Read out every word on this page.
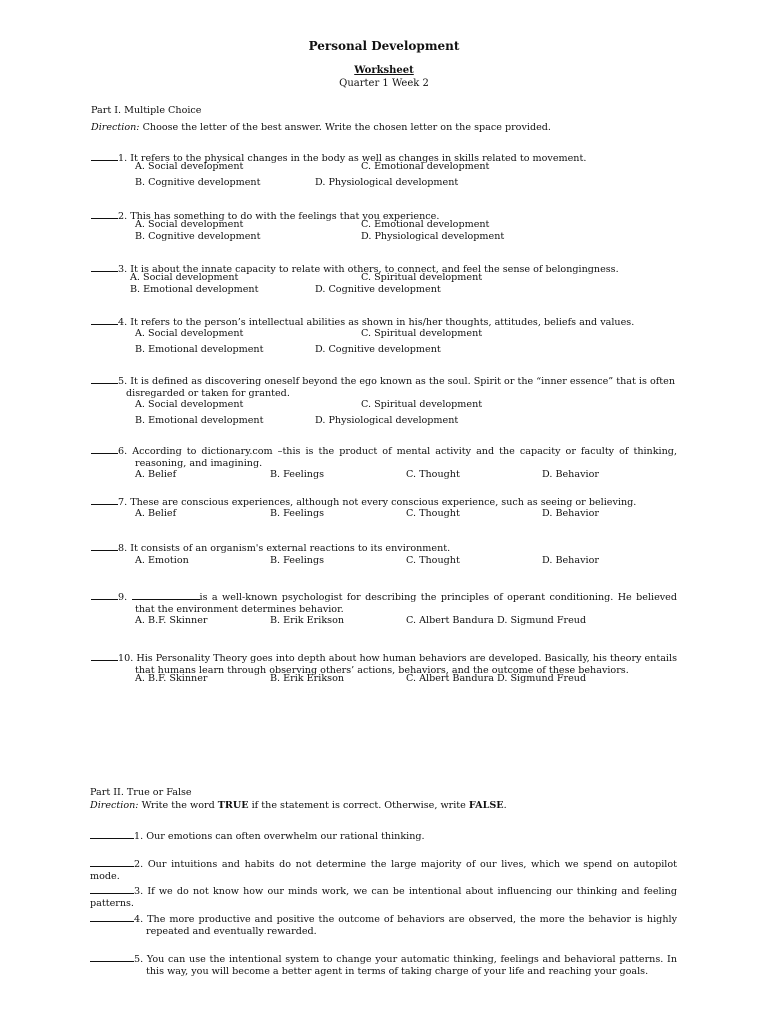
Personal Development
Worksheet
Quarter 1 Week 2
Part I. Multiple Choice
Direction: Choose the letter of the best answer. Write the chosen letter on the space provided.
1. It refers to the physical changes in the body as well as changes in skills related to movement.
A. Social development	C. Emotional development
B. Cognitive development	D. Physiological development
2. This has something to do with the feelings that you experience.
A. Social development	C. Emotional development
B. Cognitive development	D. Physiological development
3. It is about the innate capacity to relate with others, to connect, and feel the sense of belongingness.
A. Social development	C. Spiritual development
B. Emotional development	D. Cognitive development
4. It refers to the person’s intellectual abilities as shown in his/her thoughts, attitudes, beliefs and values.
A. Social development	C. Spiritual development
B. Emotional development	D. Cognitive development
5. It is defined as discovering oneself beyond the ego known as the soul. Spirit or the “inner essence” that is often disregarded or taken for granted.
A. Social development	C. Spiritual development
B. Emotional development	D. Physiological development
6. According to dictionary.com –this is the product of mental activity and the capacity or faculty of thinking, reasoning, and imagining.
A. Belief	B. Feelings	C. Thought	D. Behavior
7. These are conscious experiences, although not every conscious experience, such as seeing or believing.
A. Belief	B. Feelings	C. Thought	D. Behavior
8. It consists of an organism's external reactions to its environment.
A. Emotion	B. Feelings	C. Thought	D. Behavior
9.	is a well-known psychologist for describing the principles of operant conditioning. He believed that the environment determines behavior.
A. B.F. Skinner	B. Erik Erikson	C. Albert Bandura D. Sigmund Freud
10. His Personality Theory goes into depth about how human behaviors are developed. Basically, his theory entails that humans learn through observing others’ actions, behaviors, and the outcome of these behaviors.
A. B.F. Skinner	B. Erik Erikson	C. Albert Bandura D. Sigmund Freud
Part II. True or False
Direction: Write the word TRUE if the statement is correct. Otherwise, write FALSE.
1. Our emotions can often overwhelm our rational thinking.
2. Our intuitions and habits do not determine the large majority of our lives, which we spend on autopilot mode.
3. If we do not know how our minds work, we can be intentional about influencing our thinking and feeling patterns.
4. The more productive and positive the outcome of behaviors are observed, the more the behavior is highly repeated and eventually rewarded.
5. You can use the intentional system to change your automatic thinking, feelings and behavioral patterns. In this way, you will become a better agent in terms of taking charge of your life and reaching your goals.
